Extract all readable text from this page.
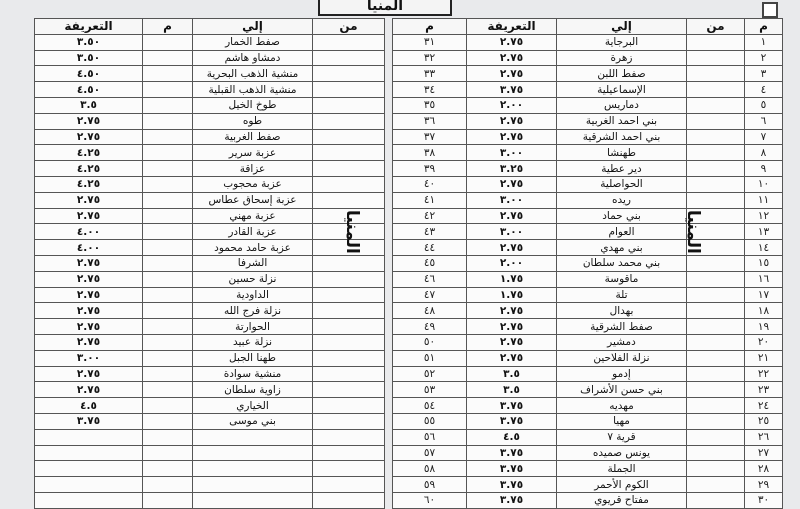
المنيا
م	من	إلي	التعريفة	م
١		البرجاية	٢.٧٥	٣١
٢		زهرة	٢.٧٥	٣٢
٣		صفط اللبن	٢.٧٥	٣٣
٤		الإسماعيلية	٣.٧٥	٣٤
٥		دماريس	٢.٠٠	٣٥
٦		بني احمد الغربية	٢.٧٥	٣٦
٧		بني احمد الشرقية	٢.٧٥	٣٧
٨		طهنشا	٣.٠٠	٣٨
٩		دير عطية	٣.٢٥	٣٩
١٠		الحواصلية	٢.٧٥	٤٠
١١		ريده	٣.٠٠	٤١
١٢		بني حماد	٢.٧٥	٤٢
١٣		العوام	٣.٠٠	٤٣
١٤		بني مهدي	٢.٧٥	٤٤
١٥		بني محمد سلطان	٢.٠٠	٤٥
١٦		ماقوسة	١.٧٥	٤٦
١٧		تلة	١.٧٥	٤٧
١٨		بهدال	٢.٧٥	٤٨
١٩		صفط الشرقية	٢.٧٥	٤٩
٢٠		دمشير	٢.٧٥	٥٠
٢١		نزلة الفلاحين	٢.٧٥	٥١
٢٢		إدمو	٣.٥	٥٢
٢٣		بني حسن الأشراف	٣.٥	٥٣
٢٤		مهديه	٣.٧٥	٥٤
٢٥		مهيا	٣.٧٥	٥٥
٢٦		قرية ٧	٤.٥	٥٦
٢٧		يونس صميده	٣.٧٥	٥٧
٢٨		الجملة	٣.٧٥	٥٨
٢٩		الكوم الأحمر	٣.٧٥	٥٩
٣٠		مفتاح قريوي	٣.٧٥	٦٠
من	إلي	م	التعريفة
	صفط الخمار		٣.٥٠
	دمشاو هاشم		٣.٥٠
	منشية الذهب البحرية		٤.٥٠
	منشية الذهب القبلية		٤.٥٠
	طوخ الخيل		٣.٥
	طوه		٢.٧٥
	صفط الغربية		٢.٧٥
	عزبة سرير		٤.٢٥
	عزاقة		٤.٢٥
	عزبة محجوب		٤.٢٥
	عزبة إسحاق عطاس		٢.٧٥
	عزبة مهني		٢.٧٥
	عزبة القادر		٤.٠٠
	عزبة حامد محمود		٤.٠٠
	الشرفا		٢.٧٥
	نزلة حسين		٢.٧٥
	الداودية		٢.٧٥
	نزلة فرج الله		٢.٧٥
	الحوارتة		٢.٧٥
	نزلة عبيد		٢.٧٥
	طهنا الجبل		٣.٠٠
	منشية سوادة		٢.٧٥
	زاوية سلطان		٢.٧٥
	الخياري		٤.٥
	بني موسى		٣.٧٥

المنيا
المنيا
